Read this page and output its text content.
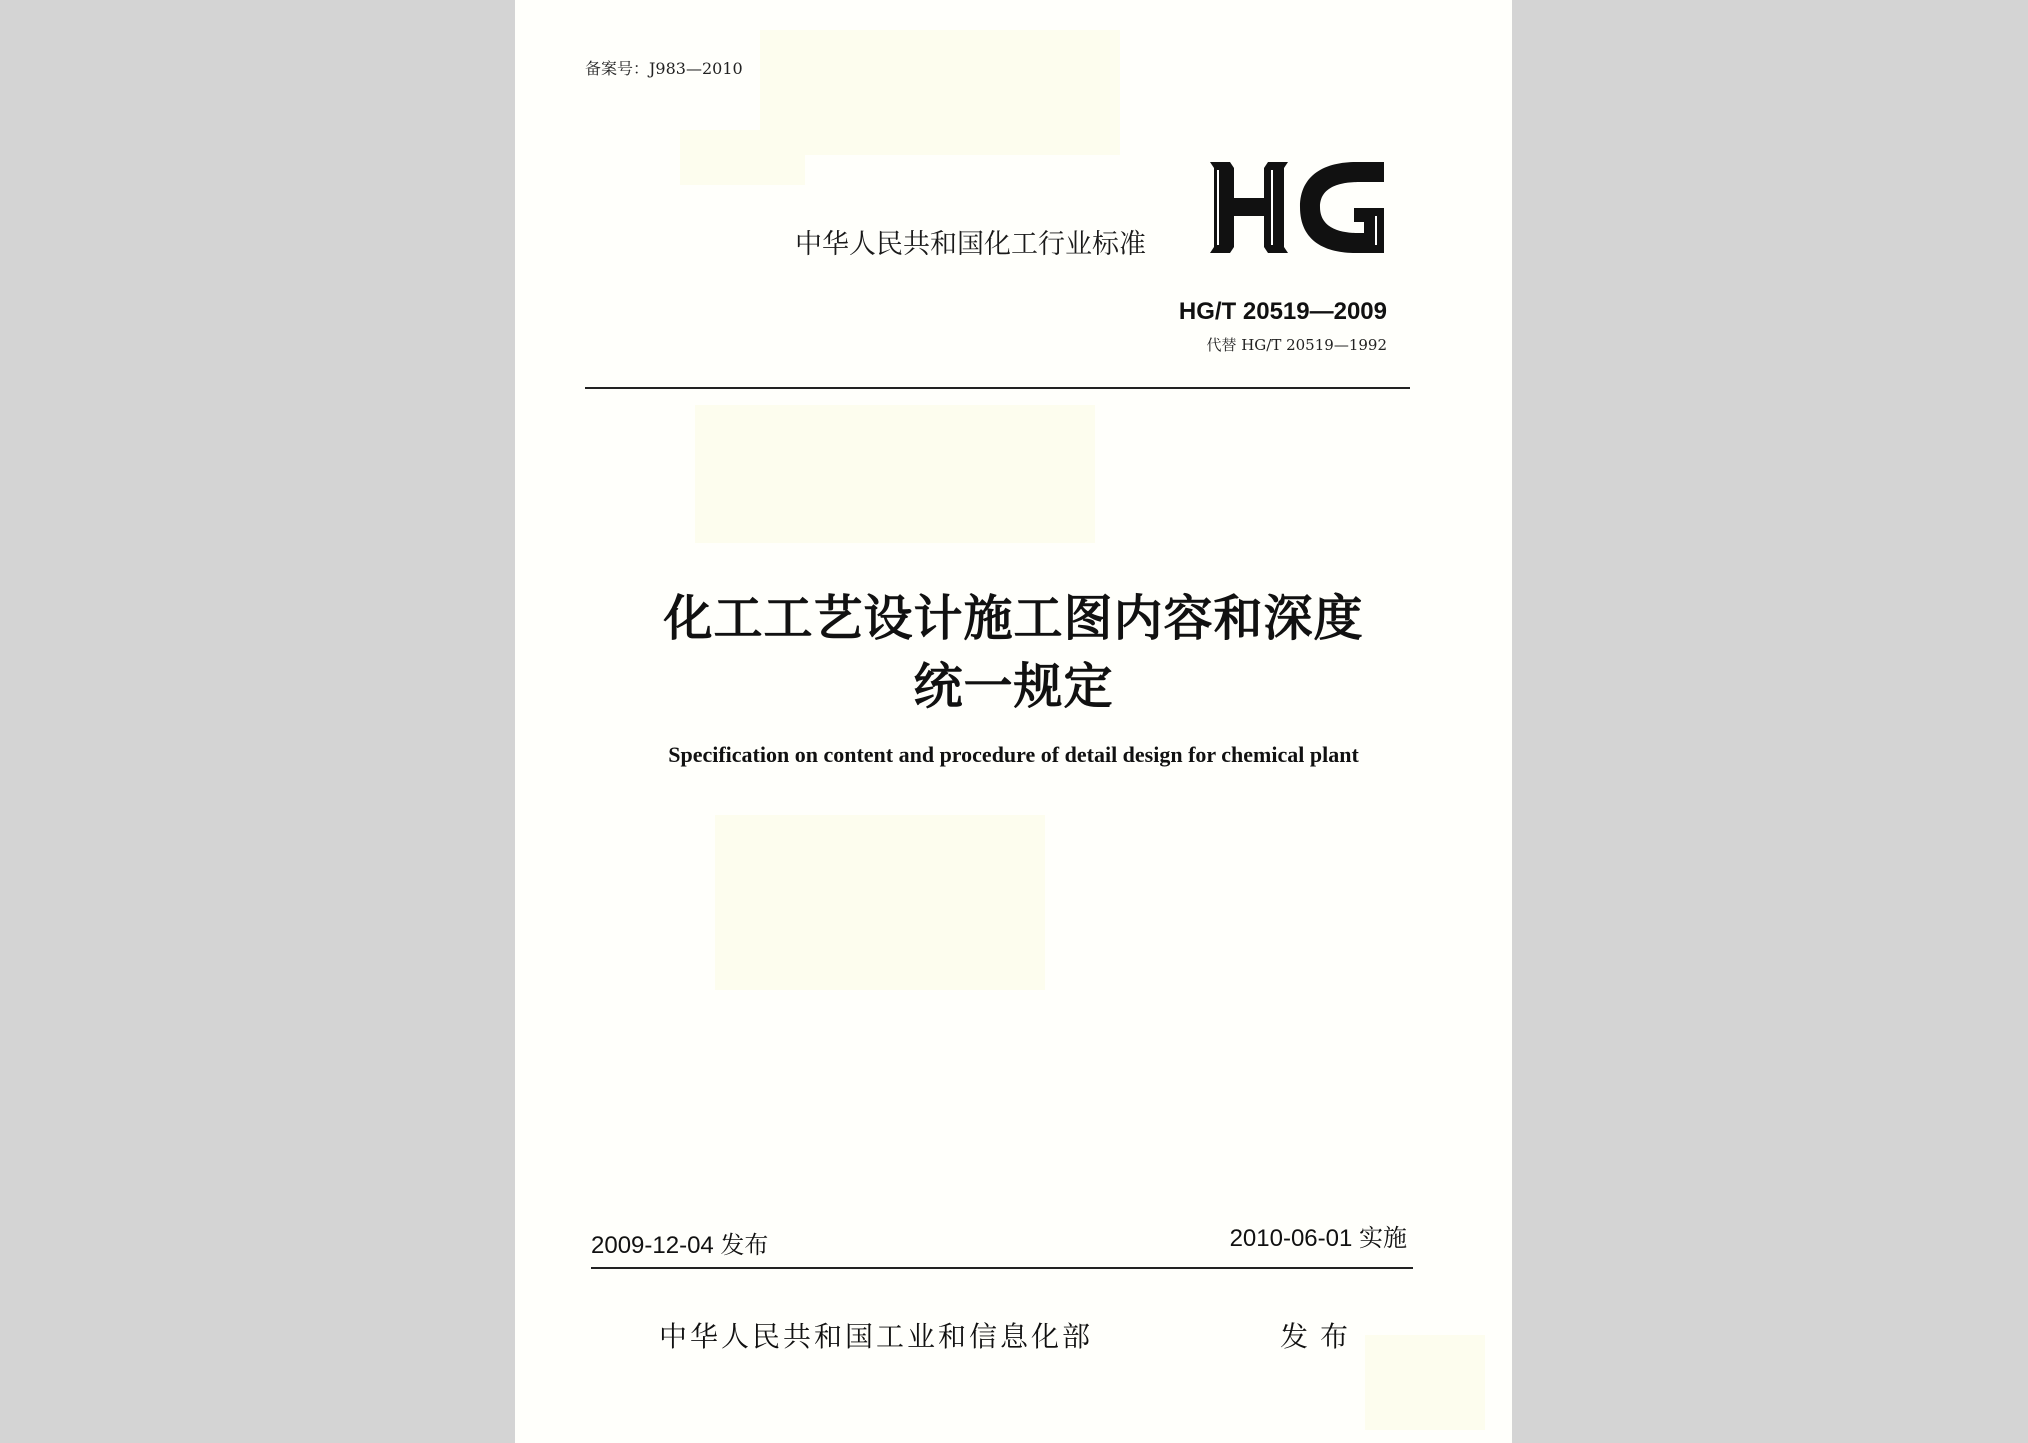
备案号：J983—2010
中华人民共和国化工行业标准
HG/T 20519—2009
代替 HG/T 20519—1992
化工工艺设计施工图内容和深度
统一规定
Specification on content and procedure of detail design for chemical plant
2009-12-04 发布	2010-06-01 实施
中华人民共和国工业和信息化部	发布
